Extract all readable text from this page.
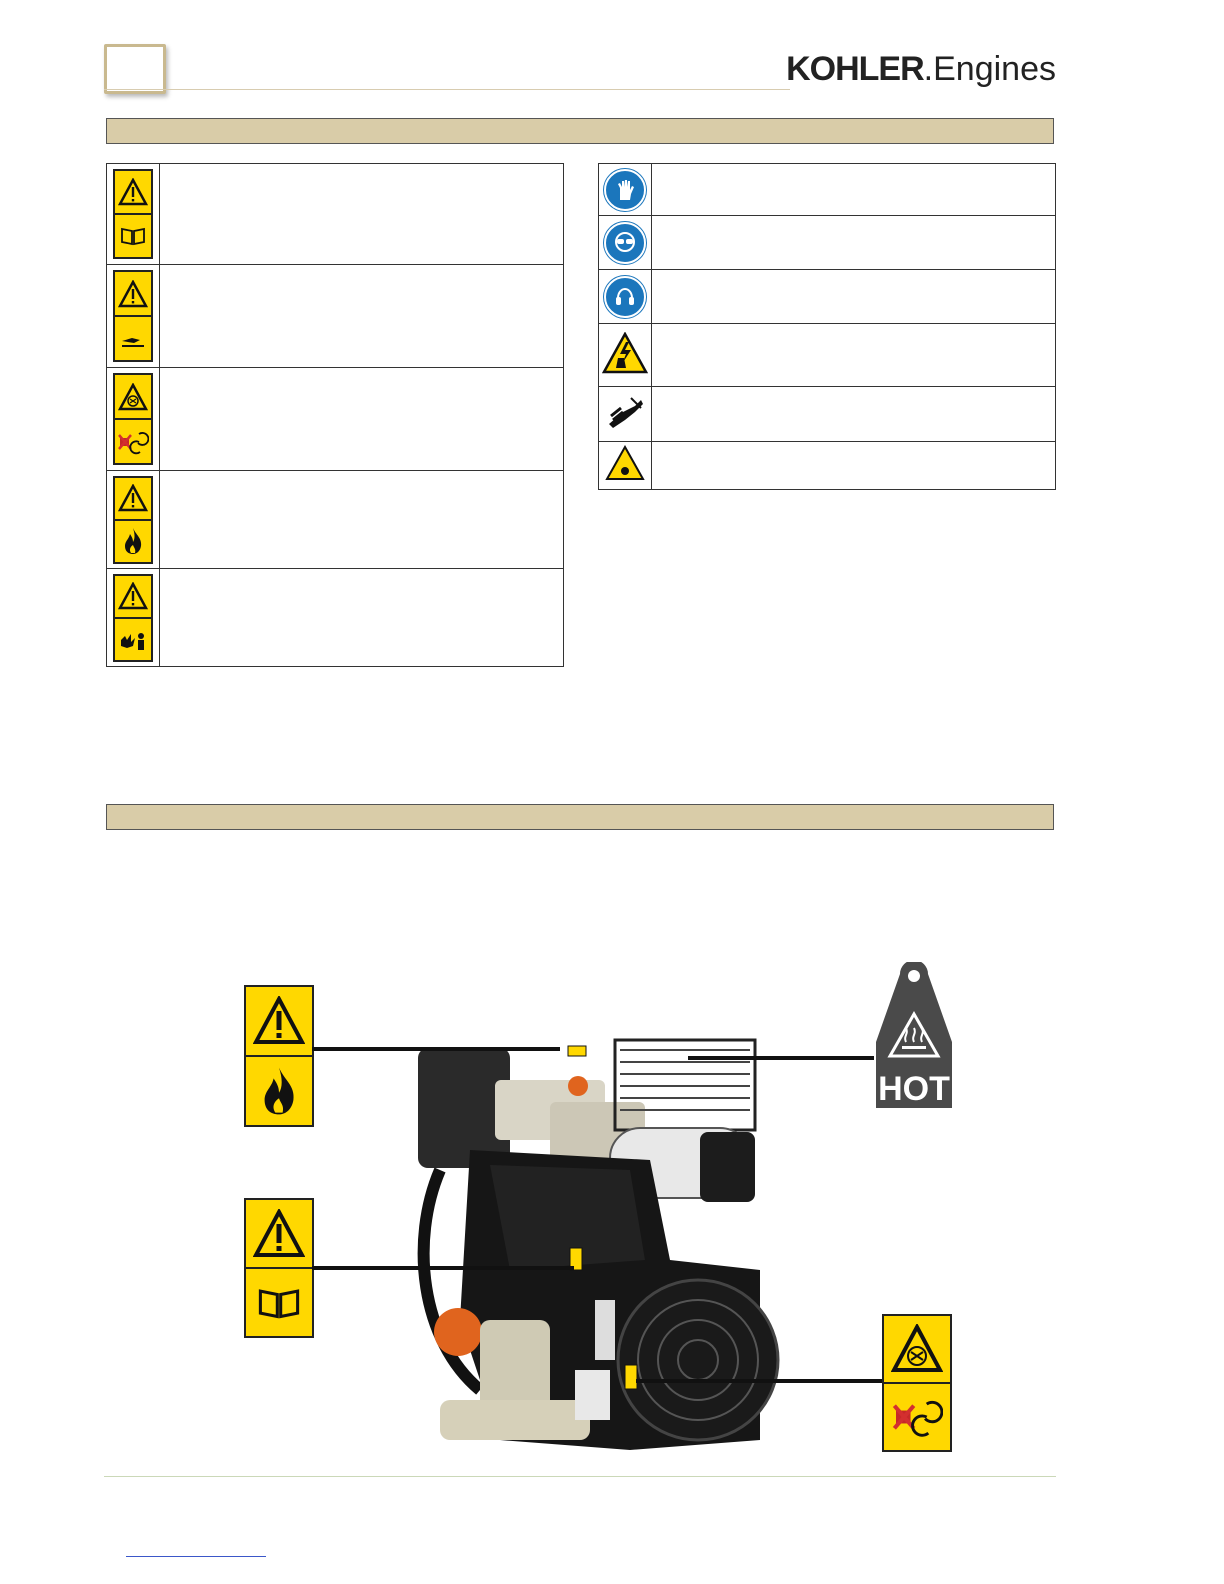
KOHLER.Engines

HOT
